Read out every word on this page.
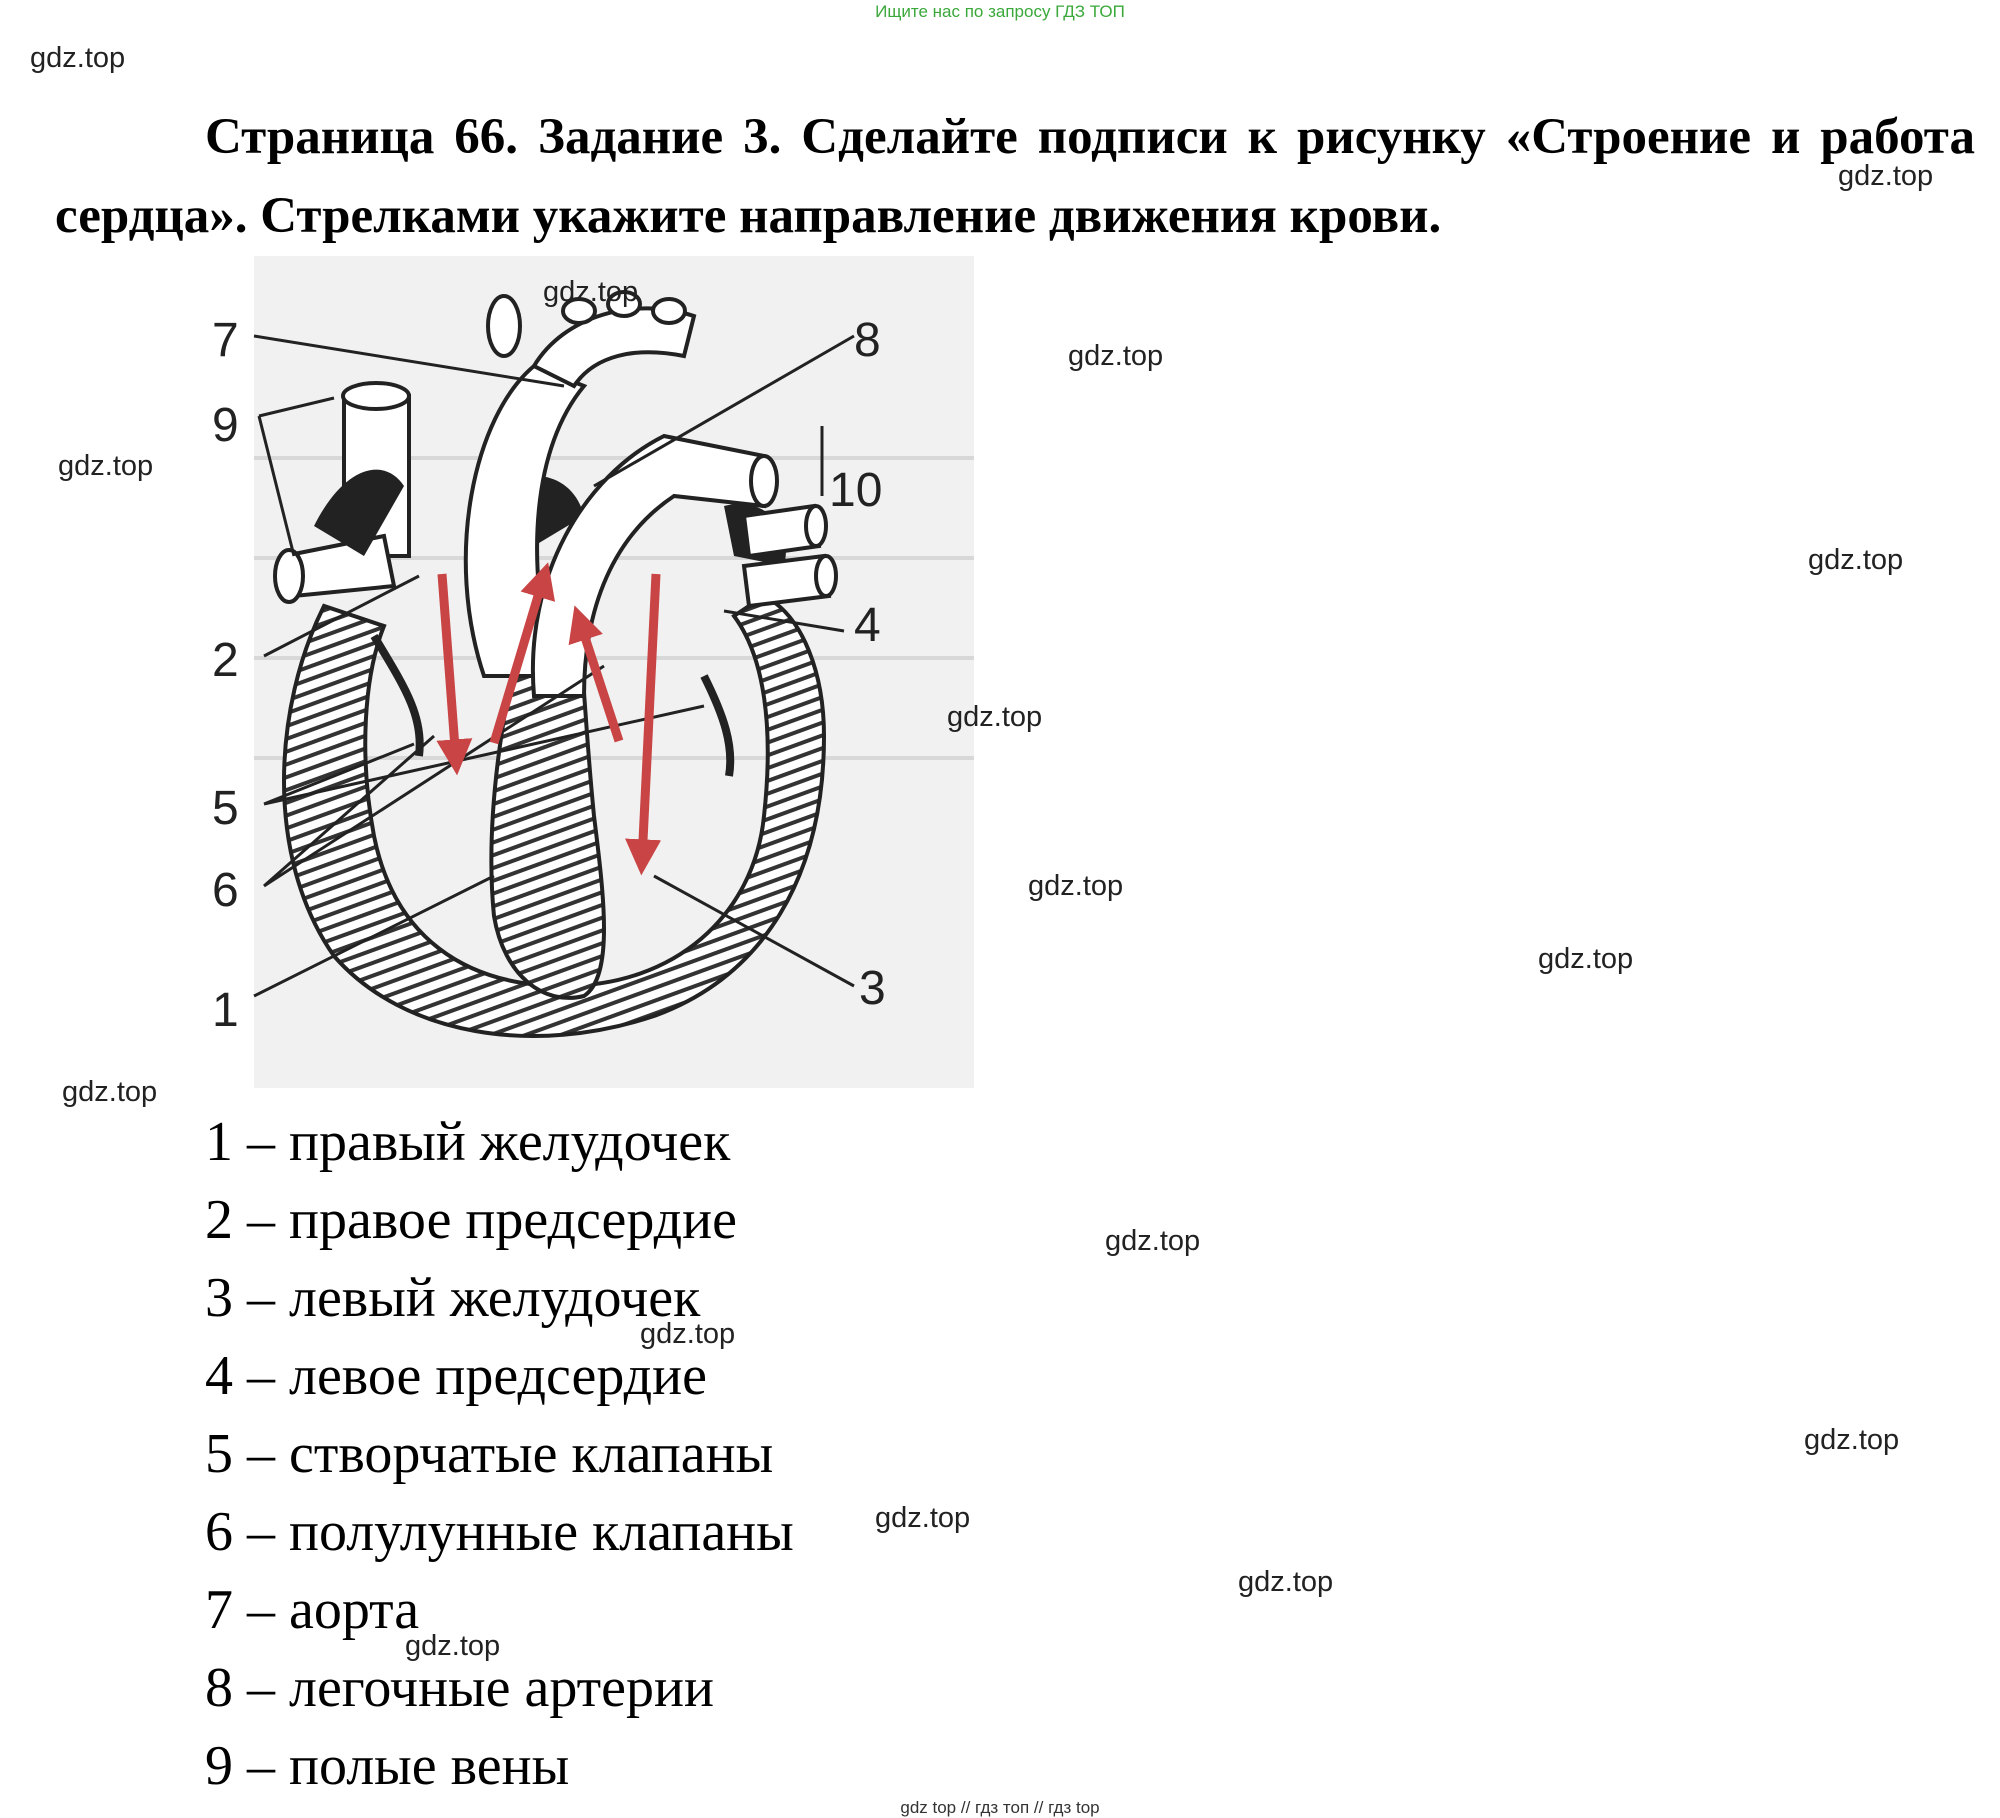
Ищите нас по запросу ГДЗ ТОП
Страница 66. Задание 3. Сделайте подписи к рисунку «Строение и работа сердца». Стрелками укажите направление движения крови.
1
2
3
4
5
6
7	8
9
10
1 – правый желудочек
2 – правое предсердие
3 – левый желудочек
4 – левое предсердие
5 – створчатые клапаны
6 – полулунные клапаны
7 – аорта
8 – легочные артерии
9 – полые вены
gdz.top
gdz.top
gdz.top
gdz.top
gdz.top
gdz.top
gdz.top
gdz.top
gdz.top
gdz.top
gdz.top
gdz.top
gdz.top
gdz.top
gdz.top
gdz.top
gdz top // гдз топ // гдз top
